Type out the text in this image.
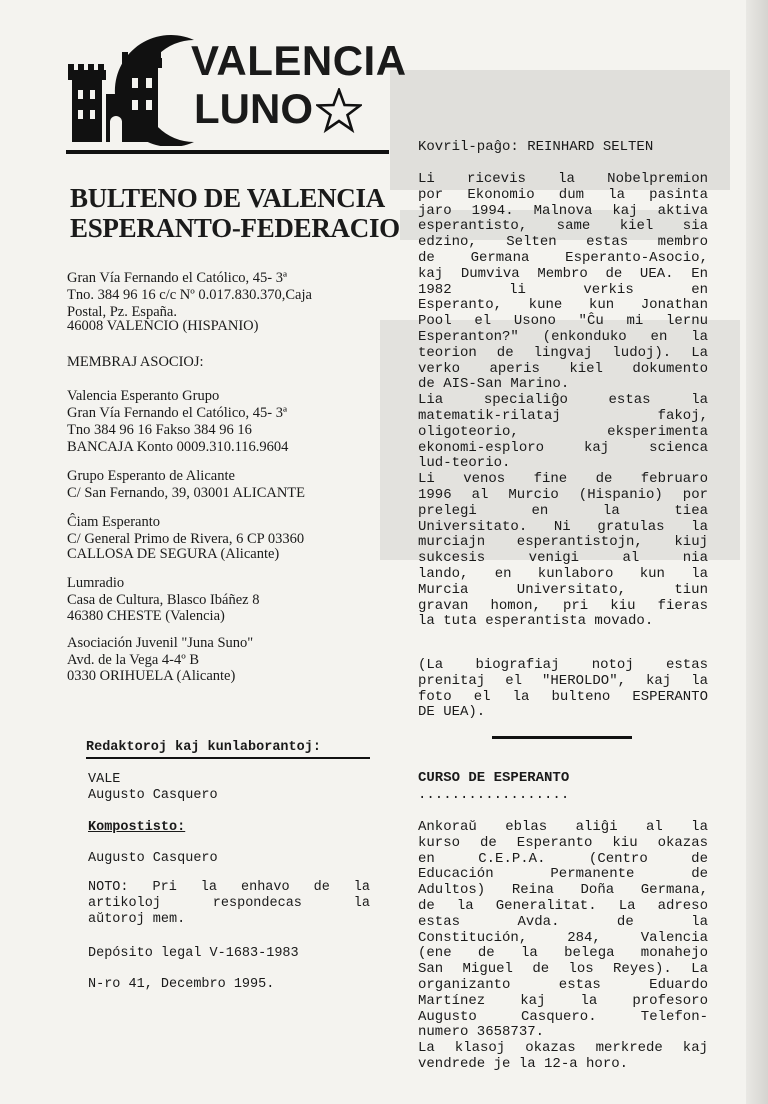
VALENCIA
LUNO
BULTENO DE VALENCIA
ESPERANTO-FEDERACIO
Gran Vía Fernando el Católico, 45- 3ª
Tno. 384 96 16 c/c Nº 0.017.830.370,Caja
Postal, Pz. España.
46008 VALENCIO (HISPANIO)
MEMBRAJ ASOCIOJ:
Valencia Esperanto Grupo
Gran Vía Fernando el Católico, 45- 3ª
Tno 384 96 16 Fakso 384 96 16
BANCAJA Konto 0009.310.116.9604
Grupo Esperanto de Alicante
C/ San Fernando, 39, 03001 ALICANTE
Ĉiam Esperanto
C/ General Primo de Rivera, 6 CP 03360
CALLOSA DE SEGURA (Alicante)
Lumradio
Casa de Cultura, Blasco Ibáñez 8
46380 CHESTE (Valencia)
Asociación Juvenil "Juna Suno"
Avd. de la Vega 4-4º B
0330 ORIHUELA (Alicante)
Redaktoroj kaj kunlaborantoj:
VALE
Augusto Casquero
Kompostisto:
Augusto Casquero
NOTO: Pri la enhavo de la
artikoloj respondecas la
aŭtoroj mem.
Depósito legal V-1683-1983
N-ro 41, Decembro 1995.
Kovril-paĝo: REINHARD SELTEN
Li ricevis la Nobelpremion
por Ekonomio dum la pasinta
jaro 1994. Malnova kaj aktiva
esperantisto, same kiel sia
edzino, Selten estas membro
de Germana Esperanto-Asocio,
kaj Dumviva Membro de UEA. En
1982 li verkis en
Esperanto, kune kun Jonathan
Pool el Usono "Ĉu mi lernu
Esperanton?" (enkonduko en la
teorion de lingvaj ludoj). La
verko aperis kiel dokumento
de AIS-San Marino.
Lia specialiĝo estas la
matematik-rilataj fakoj,
oligoteorio, eksperimenta
ekonomi-esploro kaj scienca
lud-teorio.
Li venos fine de februaro
1996 al Murcio (Hispanio) por
prelegi en la tiea
Universitato. Ni gratulas la
murciajn esperantistojn, kiuj
sukcesis venigi al nia
lando, en kunlaboro kun la
Murcia Universitato, tiun
gravan homon, pri kiu fieras
la tuta esperantista movado.
(La biografiaj notoj estas
prenitaj el "HEROLDO", kaj la
foto el la bulteno ESPERANTO
DE UEA).
CURSO DE ESPERANTO
..................
Ankoraŭ eblas aliĝi al la
kurso de Esperanto kiu okazas
en C.E.P.A. (Centro de
Educación Permanente de
Adultos) Reina Doña Germana,
de la Generalitat. La adreso
estas Avda. de la
Constitución, 284, Valencia
(ene de la belega monahejo
San Miguel de los Reyes). La
organizanto estas Eduardo
Martínez kaj la profesoro
Augusto Casquero. Telefon-
numero 3658737.
La klasoj okazas merkrede kaj
vendrede je la 12-a horo.
